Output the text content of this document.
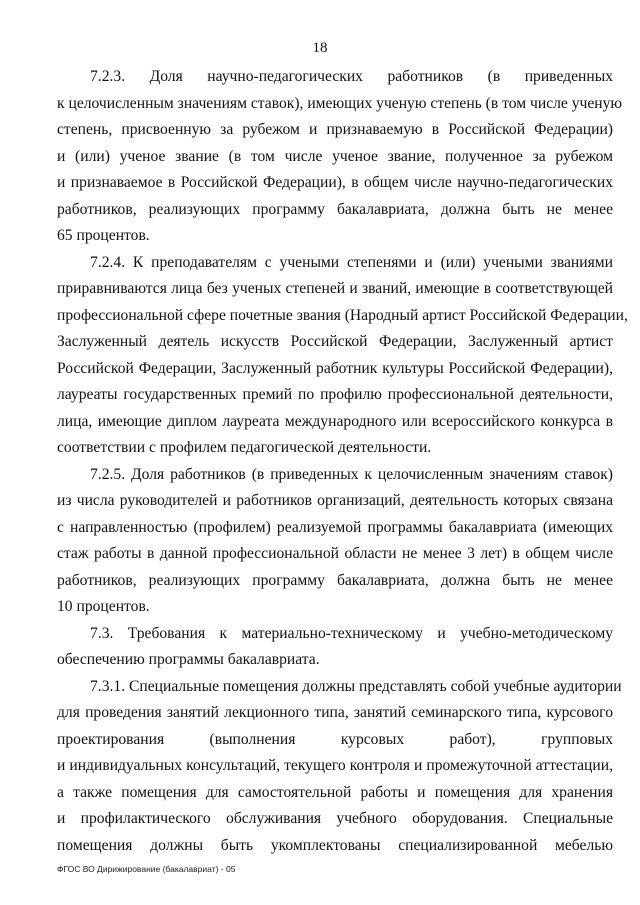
18
7.2.3. Доля научно-педагогических работников (в приведенных
к целочисленным значениям ставок), имеющих ученую степень (в том числе ученую
степень, присвоенную за рубежом и признаваемую в Российской Федерации)
и (или) ученое звание (в том числе ученое звание, полученное за рубежом
и признаваемое в Российской Федерации), в общем числе научно-педагогических
работников, реализующих программу бакалавриата, должна быть не менее
65 процентов.
7.2.4. К преподавателям с учеными степенями и (или) учеными званиями
приравниваются лица без ученых степеней и званий, имеющие в соответствующей
профессиональной сфере почетные звания (Народный артист Российской Федерации,
Заслуженный деятель искусств Российской Федерации, Заслуженный артист
Российской Федерации, Заслуженный работник культуры Российской Федерации),
лауреаты государственных премий по профилю профессиональной деятельности,
лица, имеющие диплом лауреата международного или всероссийского конкурса в
соответствии с профилем педагогической деятельности.
7.2.5. Доля работников (в приведенных к целочисленным значениям ставок)
из числа руководителей и работников организаций, деятельность которых связана
с направленностью (профилем) реализуемой программы бакалавриата (имеющих
стаж работы в данной профессиональной области не менее 3 лет) в общем числе
работников, реализующих программу бакалавриата, должна быть не менее
10 процентов.
7.3. Требования к материально-техническому и учебно-методическому
обеспечению программы бакалавриата.
7.3.1. Специальные помещения должны представлять собой учебные аудитории
для проведения занятий лекционного типа, занятий семинарского типа, курсового
проектирования (выполнения курсовых работ), групповых
и индивидуальных консультаций, текущего контроля и промежуточной аттестации,
а также помещения для самостоятельной работы и помещения для хранения
и профилактического обслуживания учебного оборудования. Специальные
помещения должны быть укомплектованы специализированной мебелью
ФГОС ВО Дирижирование (бакалавриат) - 05
